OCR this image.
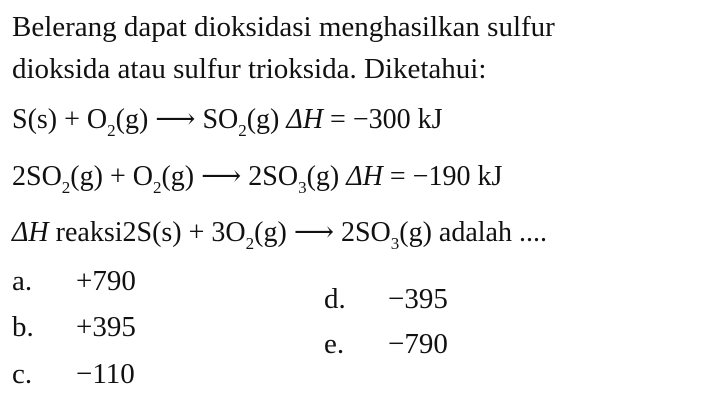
Belerang dapat dioksidasi menghasilkan sulfur
dioksida atau sulfur trioksida. Diketahui:
$S(s) + O_2(g)$ ⟶ $SO_2(g) \Delta H = -300$ kJ
$2SO_2(g) + O_2(g)$ ⟶ $2SO_3(g) \Delta H = -190$ kJ
ΔH reaksi2S(s) + $3O_2(g)$ ⟶ $2SO_3(g)$ adalah ....
a. +790
b. +395
c. −110
d. −395
e. −790
